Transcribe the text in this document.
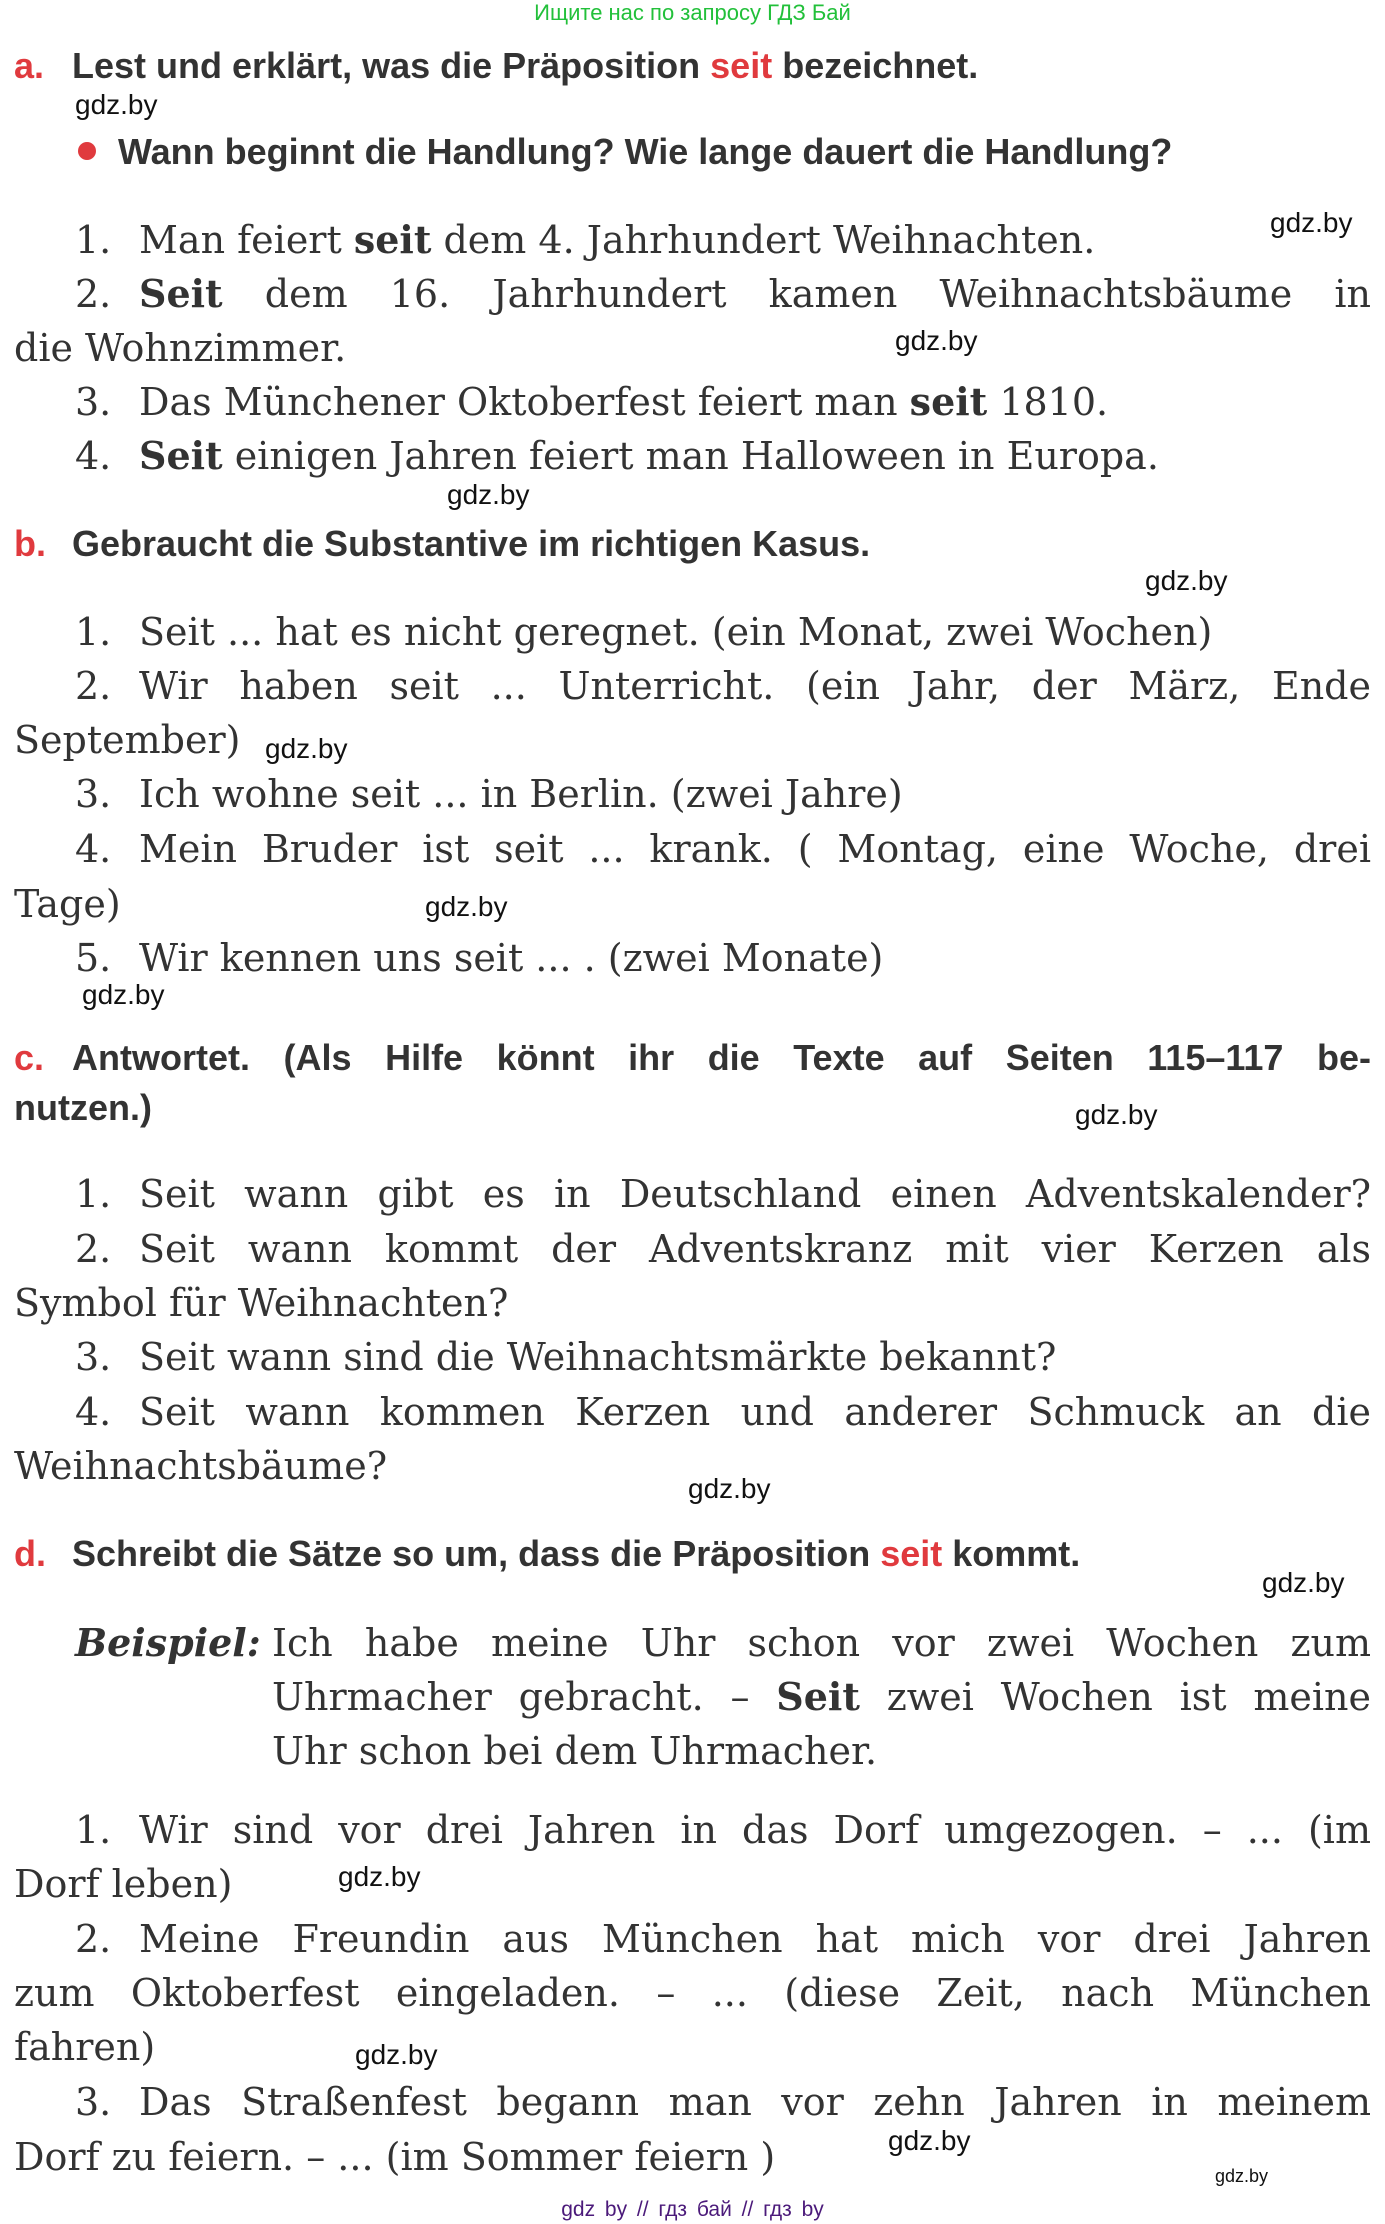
Ищите нас по запросу ГДЗ Бай
a. Lest und erklärt, was die Präposition seit bezeichnet.
gdz.by
Wann beginnt die Handlung? Wie lange dauert die Handlung?
gdz.by
1. Man feiert seit dem 4. Jahrhundert Weihnachten.
2. Seit dem 16. Jahrhundert kamen Weihnachtsbäume in
die Wohnzimmer.	gdz.by
3. Das Münchener Oktoberfest feiert man seit 1810.
4. Seit einigen Jahren feiert man Halloween in Europa.
gdz.by
b. Gebraucht die Substantive im richtigen Kasus.
gdz.by
1. Seit ... hat es nicht geregnet. (ein Monat, zwei Wochen)
2. Wir haben seit ... Unterricht. (ein Jahr, der März, Ende
September) gdz.by
3. Ich wohne seit ... in Berlin. (zwei Jahre)
4. Mein Bruder ist seit ... krank. ( Montag, eine Woche, drei
Tage)	gdz.by
5. Wir kennen uns seit ... . (zwei Monate)
gdz.by
c. Antwortet. (Als Hilfe könnt ihr die Texte auf Seiten 115–117 be-
nutzen.)	gdz.by
1. Seit wann gibt es in Deutschland einen Adventskalender?
2. Seit wann kommt der Adventskranz mit vier Kerzen als
Symbol für Weihnachten?
3. Seit wann sind die Weihnachtsmärkte bekannt?
4. Seit wann kommen Kerzen und anderer Schmuck an die
Weihnachtsbäume?
gdz.by
d. Schreibt die Sätze so um, dass die Präposition seit kommt.
gdz.by
Beispiel: Ich habe meine Uhr schon vor zwei Wochen zum
Uhrmacher gebracht. – Seit zwei Wochen ist meine
Uhr schon bei dem Uhrmacher.
1. Wir sind vor drei Jahren in das Dorf umgezogen. – ... (im
Dorf leben)	gdz.by
2. Meine Freundin aus München hat mich vor drei Jahren
zum Oktoberfest eingeladen. – ... (diese Zeit, nach München
fahren)	gdz.by
3. Das Straßenfest begann man vor zehn Jahren in meinem
Dorf zu feiern. – ... (im Sommer feiern )	gdz.by
gdz.by
gdz by // гдз бай // гдз by
